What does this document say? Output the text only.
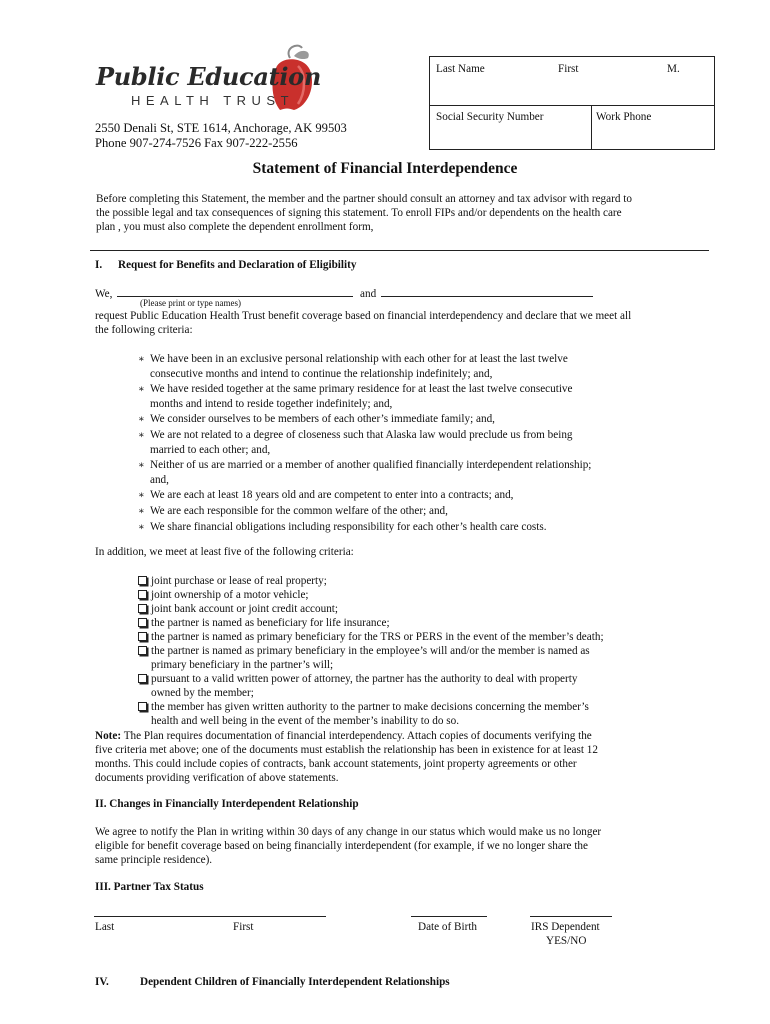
Public Education
HEALTH TRUST
2550 Denali St, STE 1614, Anchorage, AK 99503
Phone 907-274-7526 Fax 907-222-2556
Last Name	First	M.
Social Security Number	Work Phone
Statement of Financial Interdependence
Before completing this Statement, the member and the partner should consult an attorney and tax advisor with regard to
the possible legal and tax consequences of signing this statement. To enroll FIPs and/or dependents on the health care
plan , you must also complete the dependent enrollment form,
I. Request for Benefits and Declaration of Eligibility
We,	and
(Please print or type names)
request Public Education Health Trust benefit coverage based on financial interdependency and declare that we meet all
the following criteria:
∗ We have been in an exclusive personal relationship with each other for at least the last twelve
consecutive months and intend to continue the relationship indefinitely; and,
∗ We have resided together at the same primary residence for at least the last twelve consecutive
months and intend to reside together indefinitely; and,
∗ We consider ourselves to be members of each other’s immediate family; and,
∗ We are not related to a degree of closeness such that Alaska law would preclude us from being
married to each other; and,
∗ Neither of us are married or a member of another qualified financially interdependent relationship;
and,
∗ We are each at least 18 years old and are competent to enter into a contracts; and,
∗ We are each responsible for the common welfare of the other; and,
∗ We share financial obligations including responsibility for each other’s health care costs.
In addition, we meet at least five of the following criteria:
joint purchase or lease of real property;
joint ownership of a motor vehicle;
joint bank account or joint credit account;
the partner is named as beneficiary for life insurance;
the partner is named as primary beneficiary for the TRS or PERS in the event of the member’s death;
the partner is named as primary beneficiary in the employee’s will and/or the member is named as
primary beneficiary in the partner’s will;
pursuant to a valid written power of attorney, the partner has the authority to deal with property
owned by the member;
the member has given written authority to the partner to make decisions concerning the member’s
health and well being in the event of the member’s inability to do so.
Note: The Plan requires documentation of financial interdependency. Attach copies of documents verifying the
five criteria met above; one of the documents must establish the relationship has been in existence for at least 12
months. This could include copies of contracts, bank account statements, joint property agreements or other
documents providing verification of above statements.
II. Changes in Financially Interdependent Relationship
We agree to notify the Plan in writing within 30 days of any change in our status which would make us no longer
eligible for benefit coverage based on being financially interdependent (for example, if we no longer share the
same principle residence).
III. Partner Tax Status
Last	First	Date of Birth	IRS Dependent
YES/NO
IV.	Dependent Children of Financially Interdependent Relationships
